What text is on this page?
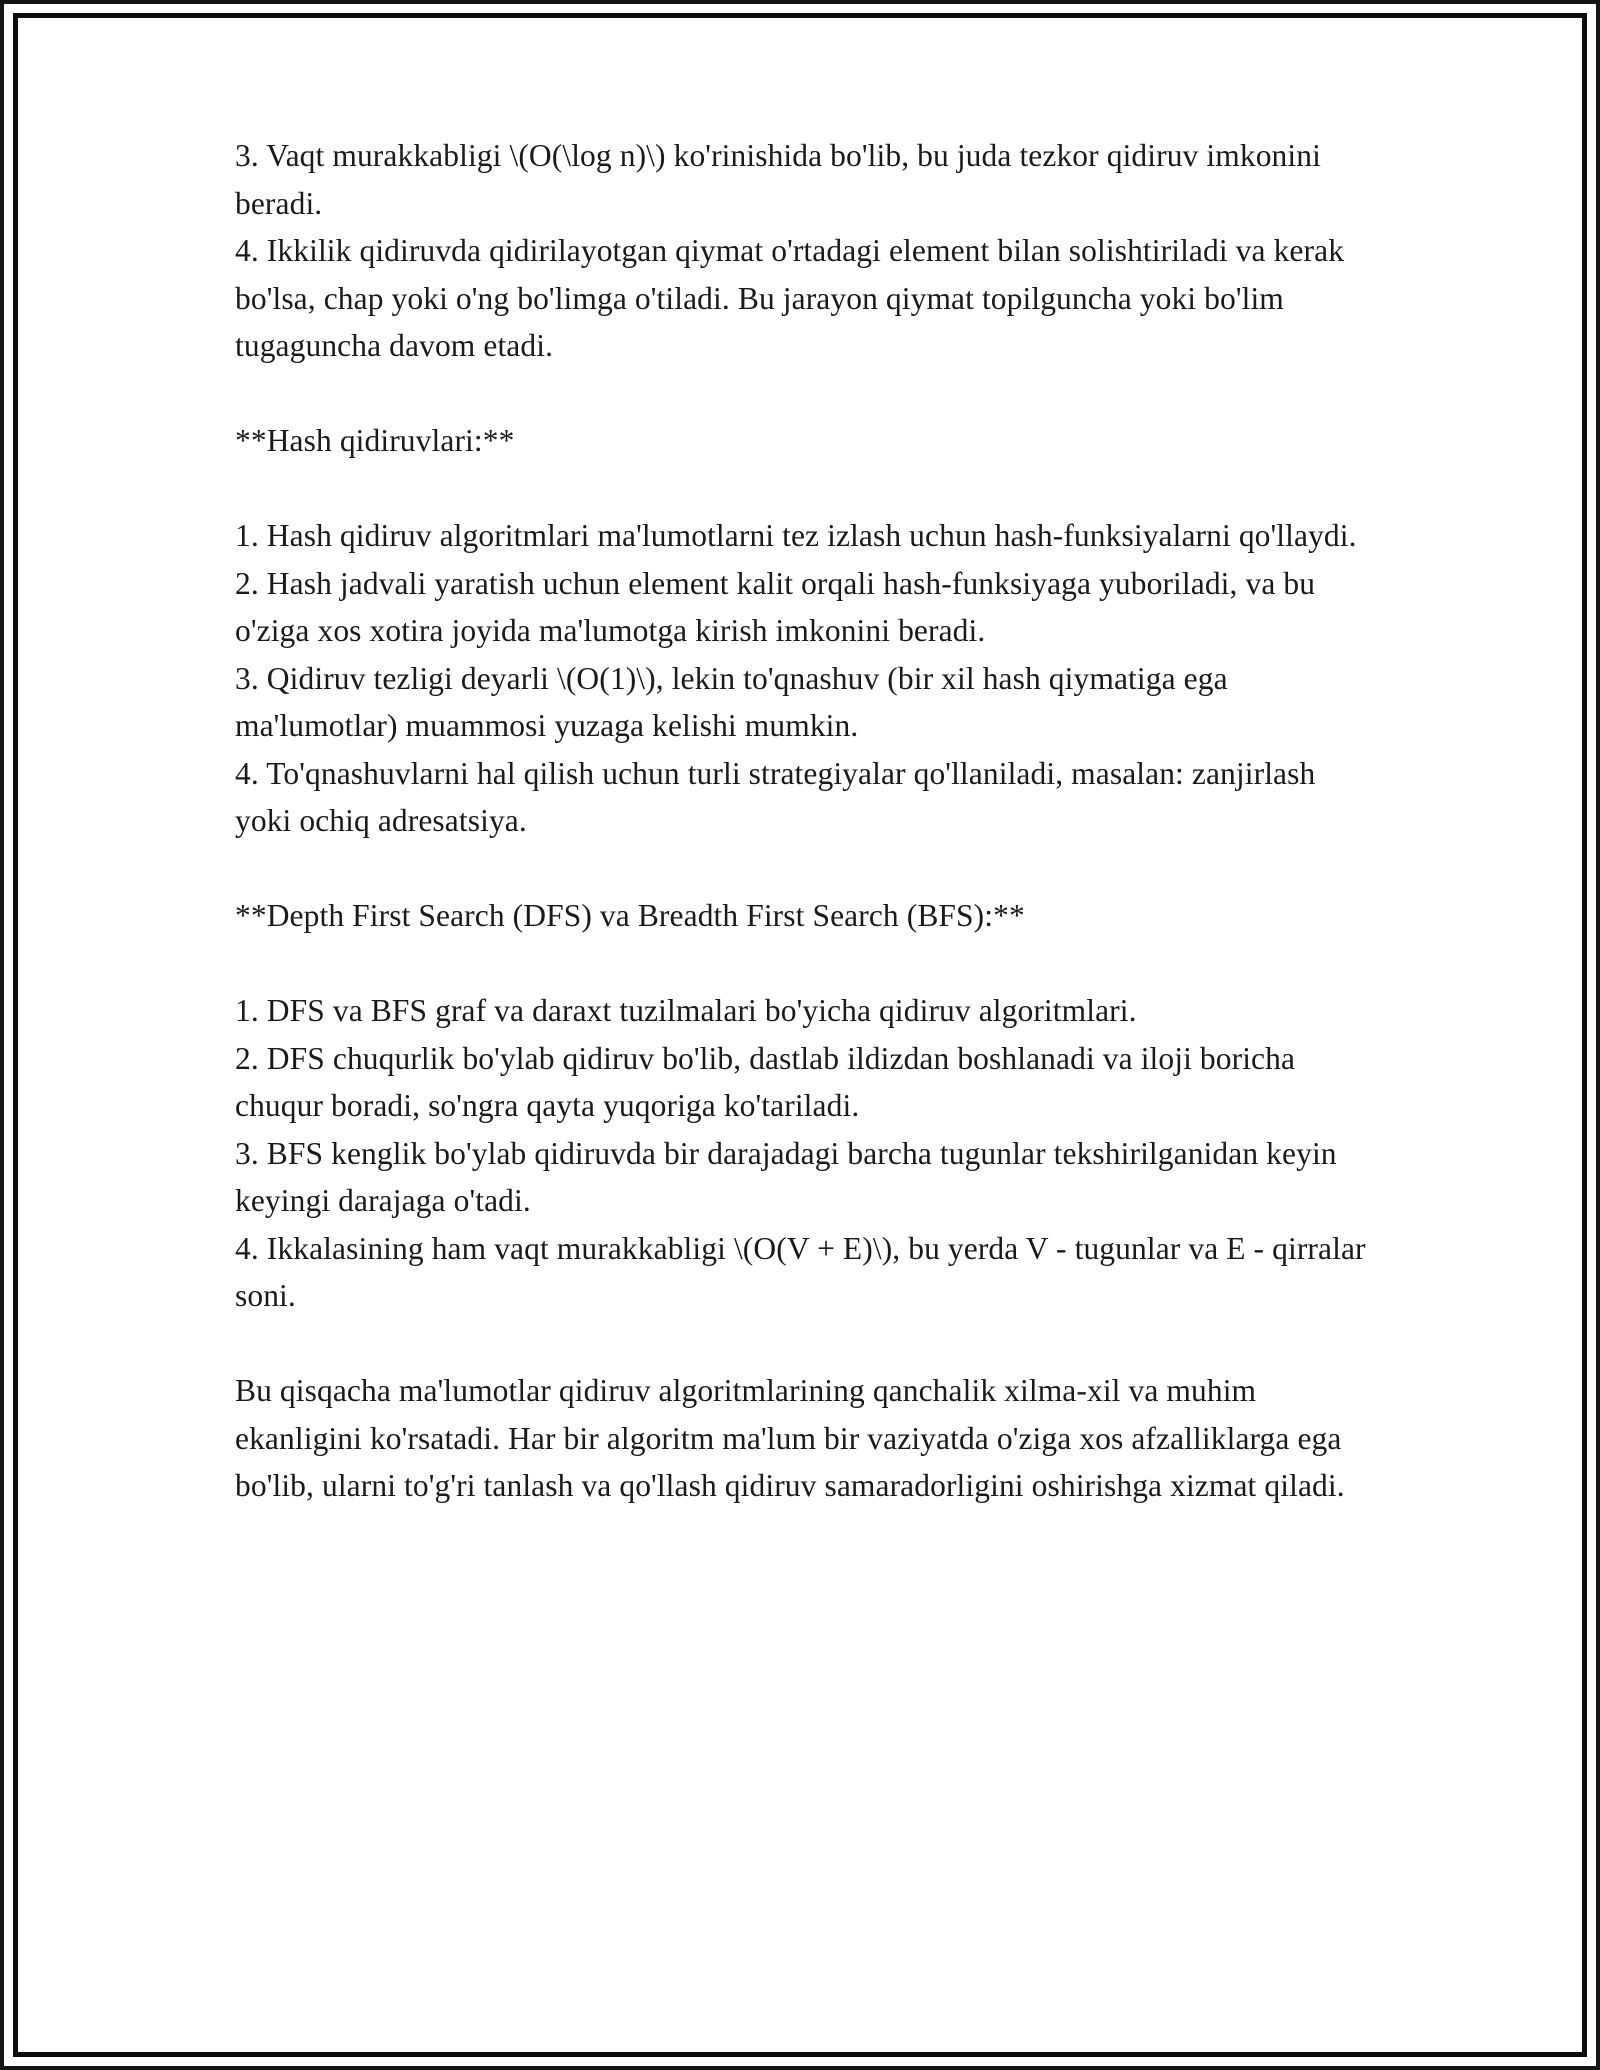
3. Vaqt murakkabligi \(O(\log n)\) ko'rinishida bo'lib, bu juda tezkor qidiruv imkonini beradi.
4. Ikkilik qidiruvda qidirilayotgan qiymat o'rtadagi element bilan solishtiriladi va kerak bo'lsa, chap yoki o'ng bo'limga o'tiladi. Bu jarayon qiymat topilguncha yoki bo'lim tugaguncha davom etadi.
**Hash qidiruvlari:**
1. Hash qidiruv algoritmlari ma'lumotlarni tez izlash uchun hash-funksiyalarni qo'llaydi.
2. Hash jadvali yaratish uchun element kalit orqali hash-funksiyaga yuboriladi, va bu o'ziga xos xotira joyida ma'lumotga kirish imkonini beradi.
3. Qidiruv tezligi deyarli \(O(1)\), lekin to'qnashuv (bir xil hash qiymatiga ega ma'lumotlar) muammosi yuzaga kelishi mumkin.
4. To'qnashuvlarni hal qilish uchun turli strategiyalar qo'llaniladi, masalan: zanjirlash yoki ochiq adresatsiya.
**Depth First Search (DFS) va Breadth First Search (BFS):**
1. DFS va BFS graf va daraxt tuzilmalari bo'yicha qidiruv algoritmlari.
2. DFS chuqurlik bo'ylab qidiruv bo'lib, dastlab ildizdan boshlanadi va iloji boricha chuqur boradi, so'ngra qayta yuqoriga ko'tariladi.
3. BFS kenglik bo'ylab qidiruvda bir darajadagi barcha tugunlar tekshirilganidan keyin keyingi darajaga o'tadi.
4. Ikkalasining ham vaqt murakkabligi \(O(V + E)\), bu yerda V - tugunlar va E - qirralar soni.
Bu qisqacha ma'lumotlar qidiruv algoritmlarining qanchalik xilma-xil va muhim ekanligini ko'rsatadi. Har bir algoritm ma'lum bir vaziyatda o'ziga xos afzalliklarga ega bo'lib, ularni to'g'ri tanlash va qo'llash qidiruv samaradorligini oshirishga xizmat qiladi.
